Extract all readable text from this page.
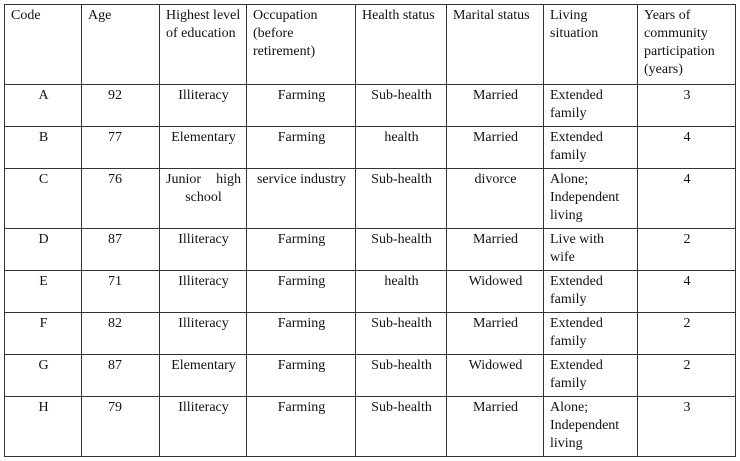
Code	Age	Highest level of education	Occupation (before retirement)	Health status	Marital status	Living situation	Years of community participation (years)
A	92	Illiteracy	Farming	Sub-health	Married	Extended family	3
B	77	Elementary	Farming	health	Married	Extended family	4
C	76	Junior high school	service industry	Sub-health	divorce	Alone; Independent living	4
D	87	Illiteracy	Farming	Sub-health	Married	Live with wife	2
E	71	Illiteracy	Farming	health	Widowed	Extended family	4
F	82	Illiteracy	Farming	Sub-health	Married	Extended family	2
G	87	Elementary	Farming	Sub-health	Widowed	Extended family	2
H	79	Illiteracy	Farming	Sub-health	Married	Alone; Independent living	3
